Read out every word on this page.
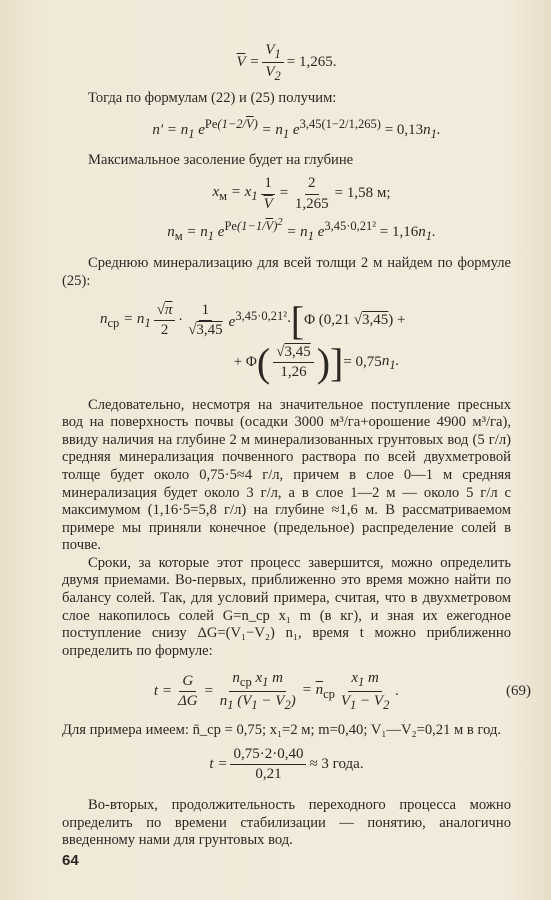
$\overline{V} = \frac{V_1}{V_2} = 1,265$.

Тогда по формулам (22) и (25) получим:

$n' = n_1$ $e^{Pe(1-2/\overline{V})} = n_1$ $e^{3,45(1-2/1,265)} = 0,13n_1$.

Максимальное засоление будет на глубине

$x_м = x_1 \frac{1}{V} = \frac{2}{1,265} = 1,58$ м;
$n_м = n_1$ $e^{Pe(1-1/\overline{V})^2} = n_1$ $e^{3,45\cdot 0,21^2} = 1,16n_1$.

Среднюю минерализацию для всей толщи 2 м найдем по формуле (25):

$n_{ср} = n_1 \frac{√\pi}{2} \cdot \frac{1}{√3,45} e^{3,45\cdot 0,21^2}\cdot$ [ Φ (0,21 √3,45) +
+ Φ ( $\frac{√3,45}{1,26}$ ) ] = 0,75 $n_1$.

Следовательно, несмотря на значительное поступление пресных вод на поверхность почвы (осадки 3000 м³/га+орошение 4900 м³/га), ввиду наличия на глубине 2 м минерализованных грунтовых вод (5 г/л) средняя минерализация почвенного раствора по всей двухметровой толще будет около 0,75·5≈4 г/л, причем в слое 0—1 м средняя минерализация будет около 3 г/л, а в слое 1—2 м — около 5 г/л с максимумом (1,16·5=5,8 г/л) на глубине ≈1,6 м. В рассматриваемом примере мы приняли конечное (предельное) распределение солей в почве.

Сроки, за которые этот процесс завершится, можно определить двумя приемами. Во-первых, приближенно это время можно найти по балансу солей. Так, для условий примера, считая, что в двухметровом слое накопилось солей G=n_ср x₁ m (в кг), и зная их ежегодное поступление снизу ΔG=(V₁−V₂) n₁, время t можно приближенно определить по формуле:

$t = \frac{G}{\Delta G} = \frac{n_{ср} x_1 m}{n_1 (V_1 - V_2)} = \overline{n}_{ср} \frac{x_1 m}{V_1 - V_2}$ .	(69)

Для примера имеем: n̄_ср = 0,75; x₁=2 м; m=0,40; V₁—V₂=0,21 м в год.

$t = \frac{0,75\cdot 2\cdot 0,40}{0,21} \approx 3$ года.

Во-вторых, продолжительность переходного процесса можно определить по времени стабилизации — понятию, аналогично введенному нами для грунтовых вод.

64
